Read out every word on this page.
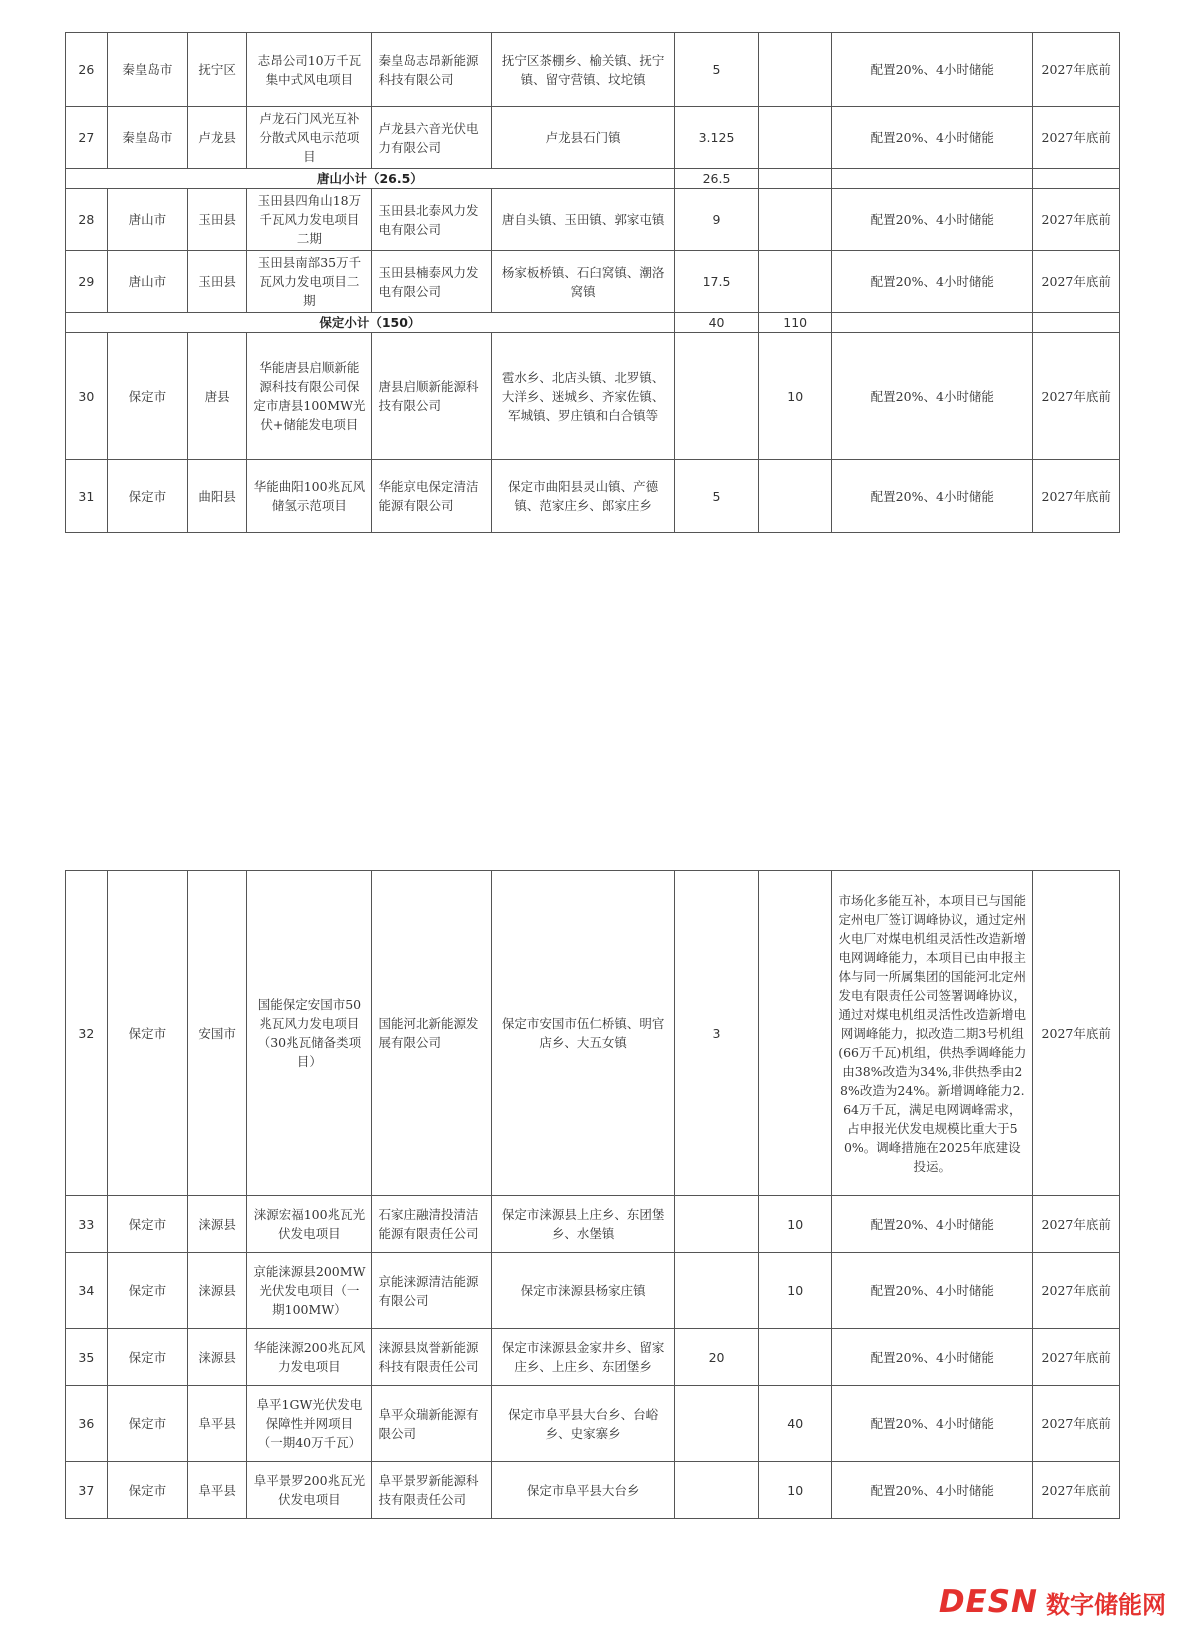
26	秦皇岛市	抚宁区	志昂公司10万千瓦集中式风电项目	秦皇岛志昂新能源科技有限公司	抚宁区茶棚乡、榆关镇、抚宁镇、留守营镇、坟坨镇	5		配置20%、4小时储能	2027年底前
27	秦皇岛市	卢龙县	卢龙石门风光互补分散式风电示范项目	卢龙县六音光伏电力有限公司	卢龙县石门镇	3.125		配置20%、4小时储能	2027年底前
唐山小计（26.5）						26.5			
28	唐山市	玉田县	玉田县四角山18万千瓦风力发电项目二期	玉田县北泰风力发电有限公司	唐自头镇、玉田镇、郭家屯镇	9		配置20%、4小时储能	2027年底前
29	唐山市	玉田县	玉田县南部35万千瓦风力发电项目二期	玉田县楠泰风力发电有限公司	杨家板桥镇、石臼窝镇、潮洛窝镇	17.5		配置20%、4小时储能	2027年底前
保定小计（150）						40	110		
30	保定市	唐县	华能唐县启顺新能源科技有限公司保定市唐县100MW光伏+储能发电项目	唐县启顺新能源科技有限公司	雹水乡、北店头镇、北罗镇、大洋乡、迷城乡、齐家佐镇、军城镇、罗庄镇和白合镇等		10	配置20%、4小时储能	2027年底前
31	保定市	曲阳县	华能曲阳100兆瓦风储氢示范项目	华能京电保定清洁能源有限公司	保定市曲阳县灵山镇、产德镇、范家庄乡、郎家庄乡	5		配置20%、4小时储能	2027年底前
32	保定市	安国市	国能保定安国市50兆瓦风力发电项目（30兆瓦储备类项目）	国能河北新能源发展有限公司	保定市安国市伍仁桥镇、明官店乡、大五女镇	3		市场化多能互补，本项目已与国能定州电厂签订调峰协议，通过定州火电厂对煤电机组灵活性改造新增电网调峰能力，本项目已由申报主体与同一所属集团的国能河北定州发电有限责任公司签署调峰协议，通过对煤电机组灵活性改造新增电网调峰能力，拟改造二期3号机组(66万千瓦)机组，供热季调峰能力由38%改造为34%,非供热季由28%改造为24%。新增调峰能力2.64万千瓦，满足电网调峰需求，占申报光伏发电规模比重大于50%。调峰措施在2025年底建设投运。	2027年底前
33	保定市	涞源县	涞源宏福100兆瓦光伏发电项目	石家庄融清投清洁能源有限责任公司	保定市涞源县上庄乡、东团堡乡、水堡镇		10	配置20%、4小时储能	2027年底前
34	保定市	涞源县	京能涞源县200MW光伏发电项目（一期100MW）	京能涞源清洁能源有限公司	保定市涞源县杨家庄镇		10	配置20%、4小时储能	2027年底前
35	保定市	涞源县	华能涞源200兆瓦风力发电项目	涞源县岚誉新能源科技有限责任公司	保定市涞源县金家井乡、留家庄乡、上庄乡、东团堡乡	20		配置20%、4小时储能	2027年底前
36	保定市	阜平县	阜平1GW光伏发电保障性并网项目（一期40万千瓦）	阜平众瑞新能源有限公司	保定市阜平县大台乡、台峪乡、史家寨乡		40	配置20%、4小时储能	2027年底前
37	保定市	阜平县	阜平景罗200兆瓦光伏发电项目	阜平景罗新能源科技有限责任公司	保定市阜平县大台乡		10	配置20%、4小时储能	2027年底前
DESN 数字储能网
